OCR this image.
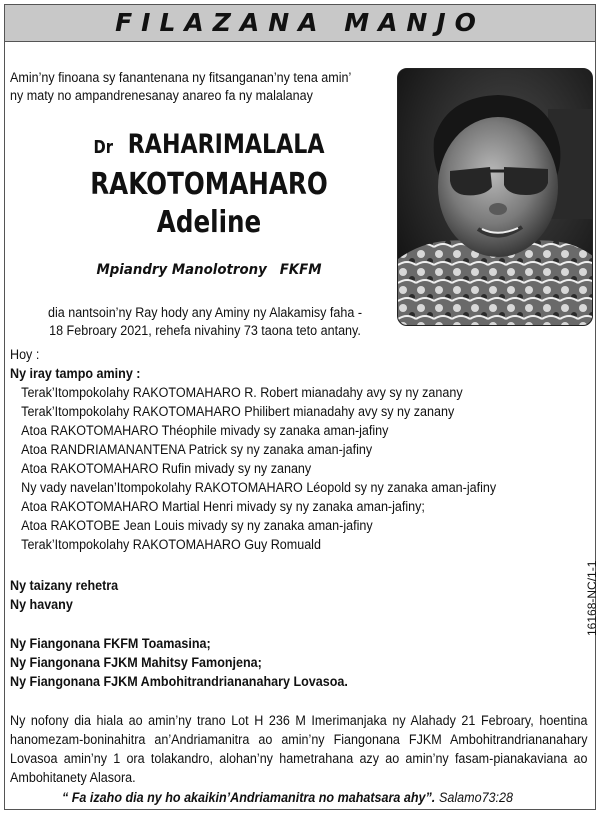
FILAZANA MANJO
Amin’ny finoana sy fanantenana ny fitsanganan’ny tena amin’
ny maty no ampandrenesanay anareo fa ny malalanay
Dr RAHARIMALALA
RAKOTOMAHARO
Adeline
Mpiandry Manolotrony FKFM
dia nantsoin’ny Ray hody any Aminy ny Alakamisy faha -
18 Febroary 2021, rehefa nivahiny 73 taona teto antany.
Hoy :
Ny iray tampo aminy :
Terak’Itompokolahy RAKOTOMAHARO R. Robert mianadahy avy sy ny zanany
Terak’Itompokolahy RAKOTOMAHARO Philibert mianadahy avy sy ny zanany
Atoa RAKOTOMAHARO Théophile mivady sy zanaka aman-jafiny
Atoa RANDRIAMANANTENA Patrick sy ny zanaka aman-jafiny
Atoa RAKOTOMAHARO Rufin mivady sy ny zanany
Ny vady navelan’Itompokolahy RAKOTOMAHARO Léopold sy ny zanaka aman-jafiny
Atoa RAKOTOMAHARO Martial Henri mivady sy ny zanaka aman-jafiny;
Atoa RAKOTOBE Jean Louis mivady sy ny zanaka aman-jafiny
Terak’Itompokolahy RAKOTOMAHARO Guy Romuald
Ny taizany rehetra
Ny havany
Ny Fiangonana FKFM Toamasina;
Ny Fiangonana FJKM Mahitsy Famonjena;
Ny Fiangonana FJKM Ambohitrandriananahary Lovasoa.
16168-NC/1-1
Ny nofony dia hiala ao amin’ny trano Lot H 236 M Imerimanjaka ny Alahady 21 Febroary, hoentina hanomezam-boninahitra an’Andriamanitra ao amin’ny Fiangonana FJKM Ambohitrandriananahary Lovasoa amin’ny 1 ora tolakandro, alohan’ny hametrahana azy ao amin’ny fasam-pianakaviana ao Ambohitanety Alasora.
“ Fa izaho dia ny ho akaikin’Andriamanitra no mahatsara ahy”. Salamo73:28
